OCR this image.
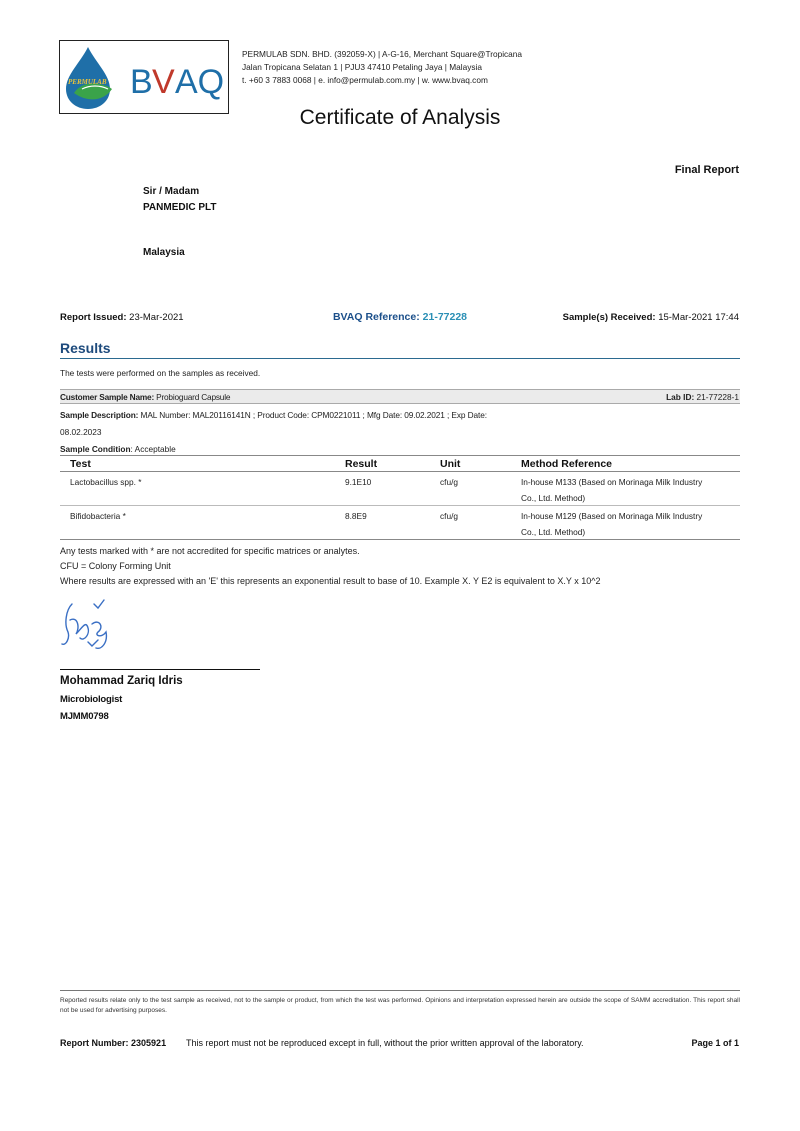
PERMULAB B V AQ
PERMULAB SDN. BHD. (392059-X) | A-G-16, Merchant Square@Tropicana
Jalan Tropicana Selatan 1 | PJU3 47410 Petaling Jaya | Malaysia
t. +60 3 7883 0068 | e. info@permulab.com.my | w. www.bvaq.com
Certificate of Analysis
Final Report
Sir / Madam
PANMEDIC PLT
Malaysia
Report Issued: 23-Mar-2021	BVAQ Reference: 21-77228	Sample(s) Received: 15-Mar-2021 17:44
Results
The tests were performed on the samples as received.
Customer Sample Name: Probioguard Capsule	Lab ID: 21-77228-1
Sample Description: MAL Number: MAL20116141N ; Product Code: CPM0221011 ; Mfg Date: 09.02.2021 ; Exp Date:
08.02.2023
Sample Condition: Acceptable
Test	Result	Unit	Method Reference
Lactobacillus spp. *	9.1E10	cfu/g	In-house M133 (Based on Morinaga Milk Industry
Co., Ltd. Method)
Bifidobacteria *	8.8E9	cfu/g	In-house M129 (Based on Morinaga Milk Industry
Co., Ltd. Method)
Any tests marked with * are not accredited for specific matrices or analytes.
CFU = Colony Forming Unit
Where results are expressed with an 'E' this represents an exponential result to base of 10. Example X. Y E2 is equivalent to X.Y x 10^2
Mohammad Zariq Idris
Microbiologist
MJMM0798
Reported results relate only to the test sample as received, not to the sample or product, from which the test was performed. Opinions and interpretation expressed herein are outside the scope of SAMM accreditation. This report shall not be used for advertising purposes.
Report Number: 2305921 This report must not be reproduced except in full, without the prior written approval of the laboratory.	Page 1 of 1
